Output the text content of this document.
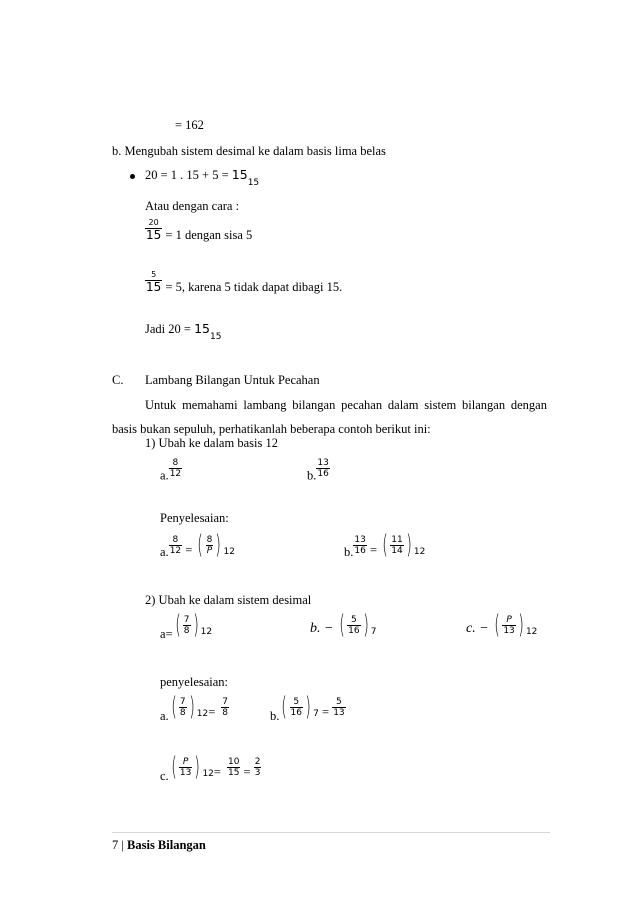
= 162
b. Mengubah sistem desimal ke dalam basis lima belas
20 = 1 . $15 + 5 = 15_{15}$
Atau dengan cara :
$\frac{20}{15} = 1$ dengan sisa 5
$\frac{5}{15} = 5$, karena 5 tidak dapat dibagi 15.
Jadi $20 = 15_{15}$
C. Lambang Bilangan Untuk Pecahan
Untuk memahami lambang bilangan pecahan dalam sistem bilangan dengan
basis bukan sepuluh, perhatikanlah beberapa contoh berikut ini:
1) Ubah ke dalam basis 12
a. $\frac{8}{12}$	b. $\frac{13}{16}$
Penyelesaian:
a. $\frac{8}{12}$ = ( $\frac{8}{P}$ ) $_{12}$	b. $\frac{13}{16}$ = ( $\frac{11}{14}$ ) $_{12}$
2) Ubah ke dalam sistem desimal
$a=( \frac{7}{8}$ ) $_{12}$	b. − ( $\frac{5}{16}$ ) $_7$	c. − ( $\frac{P}{13}$ ) $_{12}$
penyelesaian:
$a.( \frac{7}{8}$ ) $_{12}= \frac{7}{8}$	$b.( \frac{5}{16}$ ) $_7 = \frac{5}{13}$
$c.( \frac{P}{13}$ ) $_{12}= \frac{10}{15} = \frac{2}{3}$
7 | Basis Bilangan
